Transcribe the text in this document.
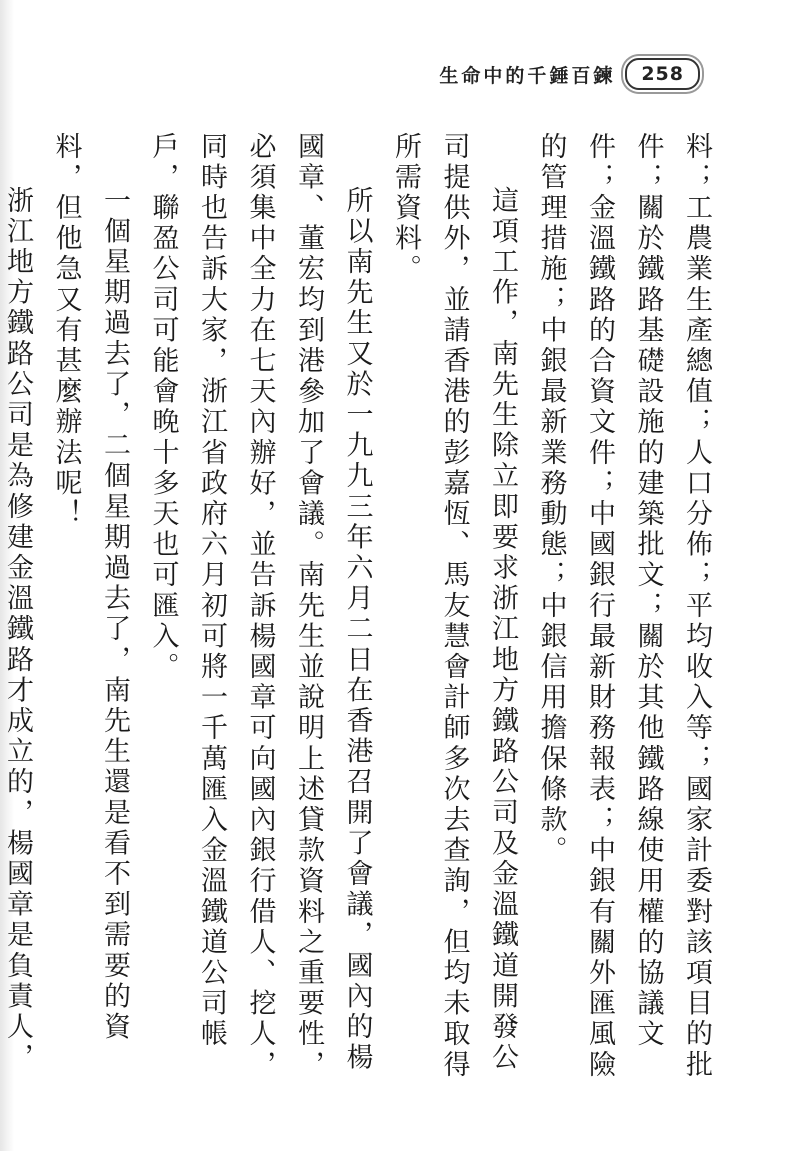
生命中的千錘百鍊 258

料；工農業生產總值；人口分佈；平均收入等；國家計委對該項目的批件；關於鐵路基礎設施的建築批文；關於其他鐵路線使用權的協議文件；金溫鐵路的合資文件；中國銀行最新財務報表；中銀有關外匯風險的管理措施；中銀最新業務動態；中銀信用擔保條款。

這項工作，南先生除立即要求浙江地方鐵路公司及金溫鐵道開發公司提供外，並請香港的彭嘉恆、馬友慧會計師多次去查詢，但均未取得所需資料。

所以南先生又於一九九三年六月二日在香港召開了會議，國內的楊國章、董宏均到港參加了會議。南先生並說明上述貸款資料之重要性，必須集中全力在七天內辦好，並告訴楊國章可向國內銀行借人、挖人，同時也告訴大家，浙江省政府六月初可將一千萬匯入金溫鐵道公司帳戶，聯盈公司可能會晚十多天也可匯入。

一個星期過去了，二個星期過去了，南先生還是看不到需要的資料，但他急又有甚麼辦法呢！

浙江地方鐵路公司是為修建金溫鐵路才成立的，楊國章是負責人，
